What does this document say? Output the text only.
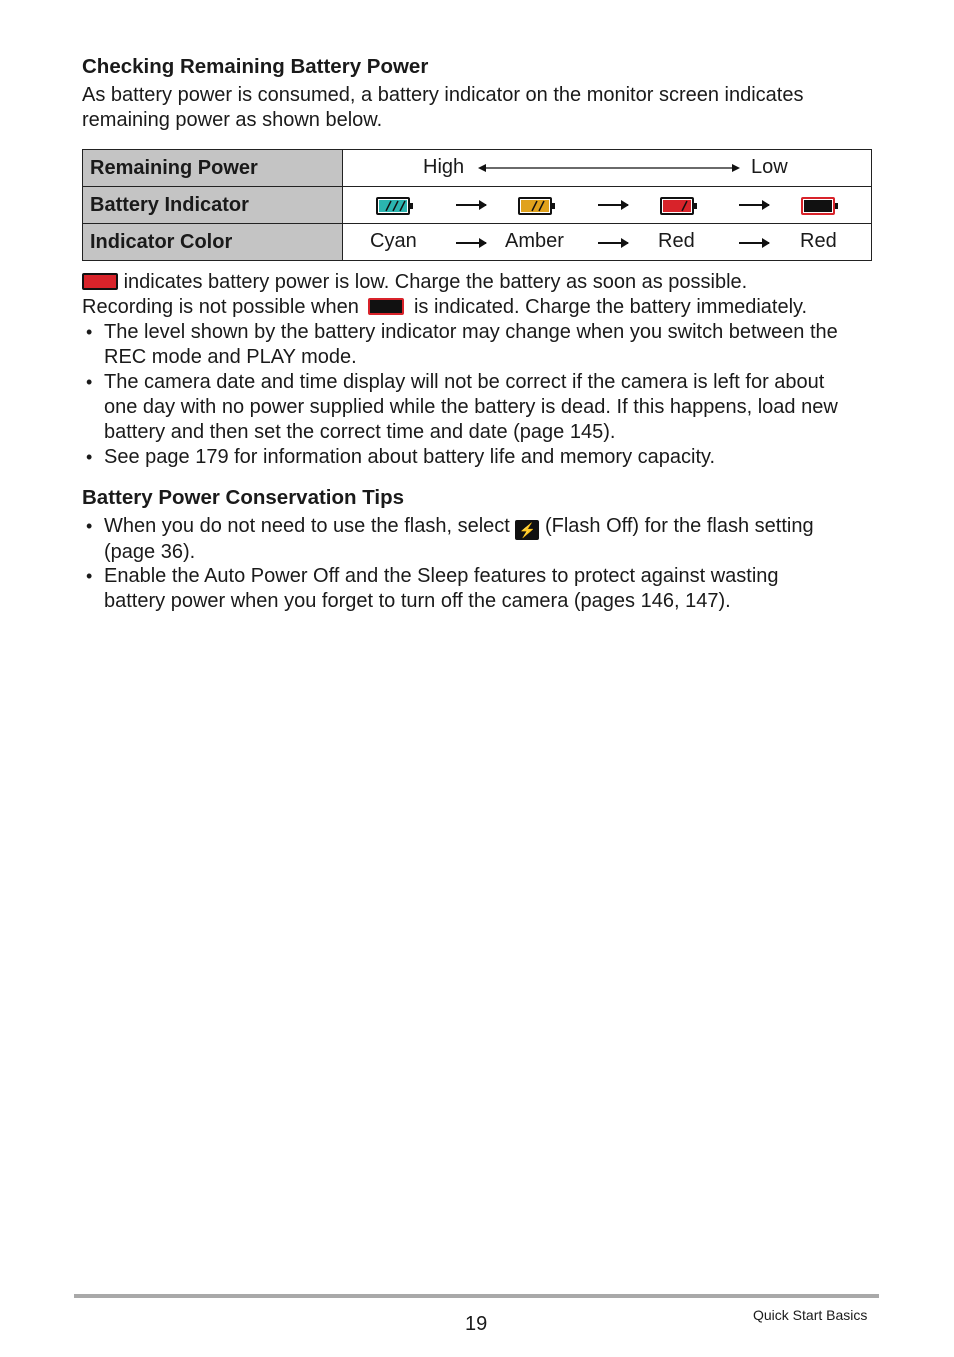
Checking Remaining Battery Power
As battery power is consumed, a battery indicator on the monitor screen indicates
remaining power as shown below.
Remaining Power	High Low

Battery Indicator	

Indicator Color	Cyan Amber Red Red
indicates battery power is low. Charge the battery as soon as possible.
Recording is not possible when	is indicated. Charge the battery immediately.
• The level shown by the battery indicator may change when you switch between the
REC mode and PLAY mode.
• The camera date and time display will not be correct if the camera is left for about
one day with no power supplied while the battery is dead. If this happens, load new
battery and then set the correct time and date (page 145).
• See page 179 for information about battery life and memory capacity.
Battery Power Conservation Tips
• When you do not need to use the flash, select ⚡ (Flash Off) for the flash setting
(page 36).
• Enable the Auto Power Off and the Sleep features to protect against wasting
battery power when you forget to turn off the camera (pages 146, 147).
19	Quick Start Basics
